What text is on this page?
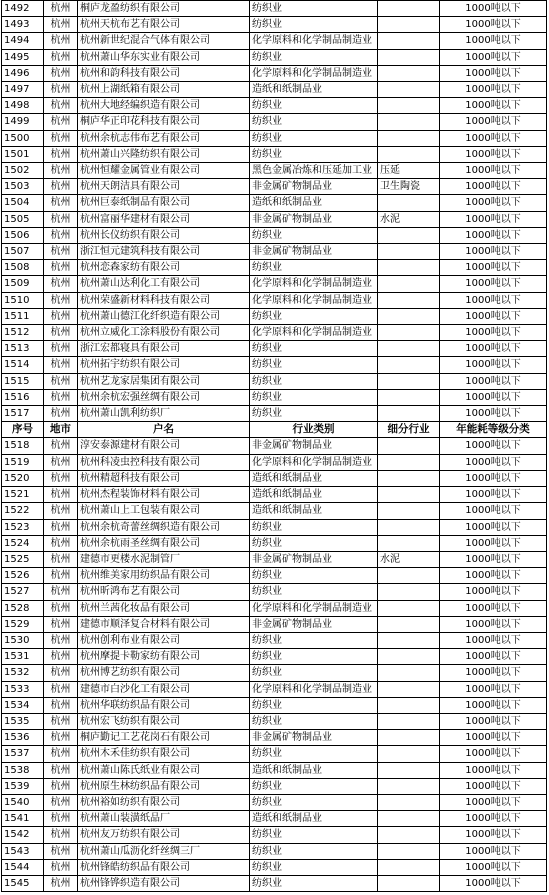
1492	杭州	桐庐龙盈纺织有限公司	纺织业		1000吨以下
1493	杭州	杭州天杭布艺有限公司	纺织业		1000吨以下
1494	杭州	杭州新世纪混合气体有限公司	化学原料和化学制品制造业		1000吨以下
1495	杭州	杭州萧山华东实业有限公司	纺织业		1000吨以下
1496	杭州	杭州和韵科技有限公司	化学原料和化学制品制造业		1000吨以下
1497	杭州	杭州上湖纸箱有限公司	造纸和纸制品业		1000吨以下
1498	杭州	杭州大地经编织造有限公司	纺织业		1000吨以下
1499	杭州	桐庐华正印花科技有限公司	纺织业		1000吨以下
1500	杭州	杭州余杭志伟布艺有限公司	纺织业		1000吨以下
1501	杭州	杭州萧山兴隆纺织有限公司	纺织业		1000吨以下
1502	杭州	杭州恒耀金属管业有限公司	黑色金属冶炼和压延加工业	压延	1000吨以下
1503	杭州	杭州天朗洁具有限公司	非金属矿物制品业	卫生陶瓷	1000吨以下
1504	杭州	杭州巨泰纸制品有限公司	造纸和纸制品业		1000吨以下
1505	杭州	杭州富丽华建材有限公司	非金属矿物制品业	水泥	1000吨以下
1506	杭州	杭州长仪纺织有限公司	纺织业		1000吨以下
1507	杭州	浙江恒元建筑科技有限公司	非金属矿物制品业		1000吨以下
1508	杭州	杭州恋森家纺有限公司	纺织业		1000吨以下
1509	杭州	杭州萧山达利化工有限公司	化学原料和化学制品制造业		1000吨以下
1510	杭州	杭州荣盛新材料科技有限公司	化学原料和化学制品制造业		1000吨以下
1511	杭州	杭州萧山德江化纤织造有限公司	纺织业		1000吨以下
1512	杭州	杭州立威化工涂料股份有限公司	化学原料和化学制品制造业		1000吨以下
1513	杭州	浙江宏都寝具有限公司	纺织业		1000吨以下
1514	杭州	杭州拓宇纺织有限公司	纺织业		1000吨以下
1515	杭州	杭州艺龙家居集团有限公司	纺织业		1000吨以下
1516	杭州	杭州余杭宏强丝绸有限公司	纺织业		1000吨以下
1517	杭州	杭州萧山凯利纺织厂	纺织业		1000吨以下
序号	地市	户名	行业类别	细分行业	年能耗等级分类
1518	杭州	淳安泰源建材有限公司	非金属矿物制品业		1000吨以下
1519	杭州	杭州科凌虫控科技有限公司	化学原料和化学制品制造业		1000吨以下
1520	杭州	杭州精超科技有限公司	造纸和纸制品业		1000吨以下
1521	杭州	杭州杰程装饰材料有限公司	造纸和纸制品业		1000吨以下
1522	杭州	杭州萧山上工包装有限公司	造纸和纸制品业		1000吨以下
1523	杭州	杭州余杭奇蕾丝绸织造有限公司	纺织业		1000吨以下
1524	杭州	杭州余杭雨圣丝绸有限公司	纺织业		1000吨以下
1525	杭州	建德市更楼水泥制管厂	非金属矿物制品业	水泥	1000吨以下
1526	杭州	杭州维美家用纺织品有限公司	纺织业		1000吨以下
1527	杭州	杭州昕鸿布艺有限公司	纺织业		1000吨以下
1528	杭州	杭州兰茜化妆品有限公司	化学原料和化学制品制造业		1000吨以下
1529	杭州	建德市顺泽复合材料有限公司	非金属矿物制品业		1000吨以下
1530	杭州	杭州创利布业有限公司	纺织业		1000吨以下
1531	杭州	杭州摩提卡勒家纺有限公司	纺织业		1000吨以下
1532	杭州	杭州博艺纺织有限公司	纺织业		1000吨以下
1533	杭州	建德市白沙化工有限公司	化学原料和化学制品制造业		1000吨以下
1534	杭州	杭州华联纺织品有限公司	纺织业		1000吨以下
1535	杭州	杭州宏飞纺织有限公司	纺织业		1000吨以下
1536	杭州	桐庐勤记工艺花岗石有限公司	非金属矿物制品业		1000吨以下
1537	杭州	杭州木禾佳纺织有限公司	纺织业		1000吨以下
1538	杭州	杭州萧山陈氏纸业有限公司	造纸和纸制品业		1000吨以下
1539	杭州	杭州原生林纺织品有限公司	纺织业		1000吨以下
1540	杭州	杭州裕如纺织有限公司	纺织业		1000吨以下
1541	杭州	杭州萧山装潢纸品厂	造纸和纸制品业		1000吨以下
1542	杭州	杭州友万纺织有限公司	纺织业		1000吨以下
1543	杭州	杭州萧山瓜沥化纤丝绸三厂	纺织业		1000吨以下
1544	杭州	杭州锋皓纺织品有限公司	纺织业		1000吨以下
1545	杭州	杭州锋铧织造有限公司	纺织业		1000吨以下
